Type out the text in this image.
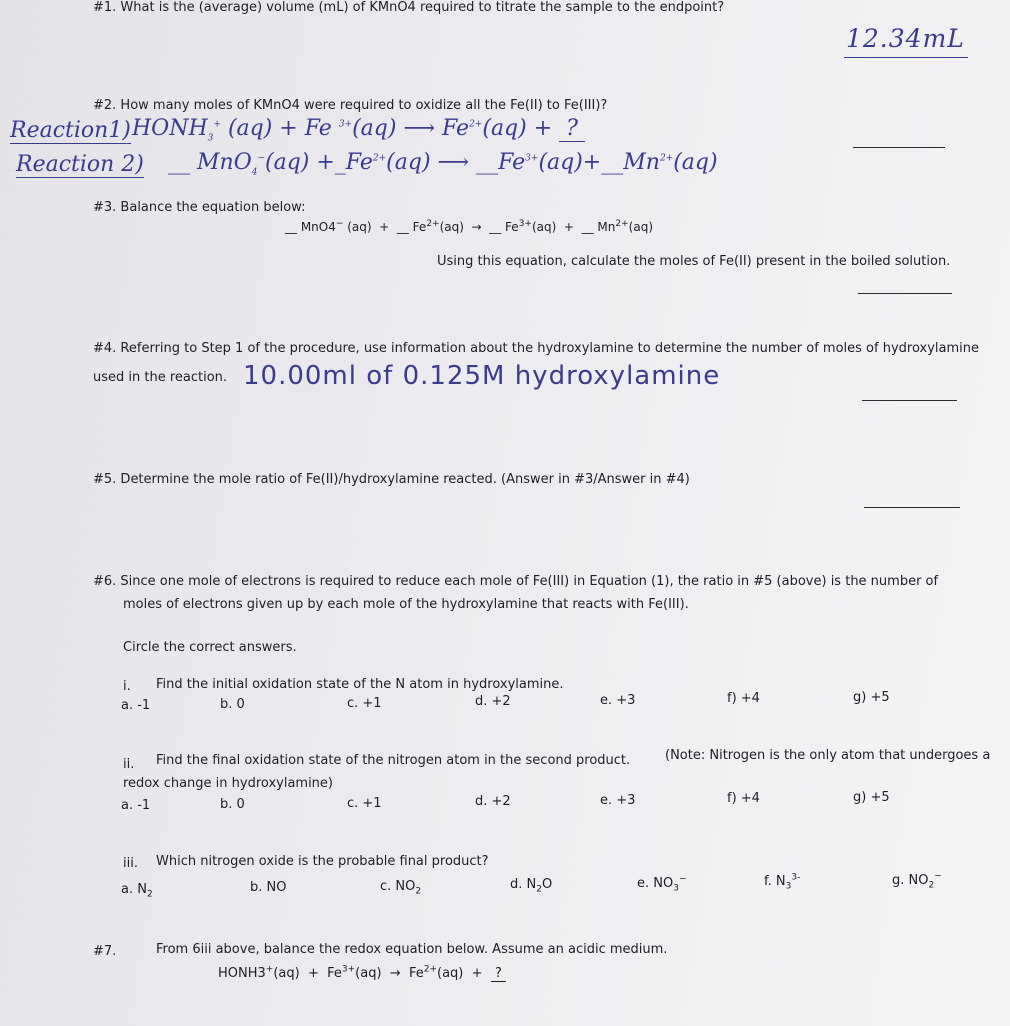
#1. What is the (average) volume (mL) of KMnO4 required to titrate the sample to the endpoint?
12.34mL
#2. How many moles of KMnO4 were required to oxidize all the Fe(II) to Fe(III)?
Reaction1) $HONH_3^+$ (aq) + Fe $^{3+}$(aq) ⟶ $Fe^{2+}(aq)$ +  ?
Reaction 2) __ $MnO_4^-(aq) +\_Fe^{2+}(aq)$ ⟶ $\_\_Fe^{3+}(aq)+\_\_Mn^{2+}(aq)$
#3. Balance the equation below:
__ MnO4− (aq)  +  __ $Fe^{2+}(aq)$  →  __ $Fe^{3+}(aq)$  +  __ $Mn^{2+}(aq)$
Using this equation, calculate the moles of Fe(II) present in the boiled solution.
#4. Referring to Step 1 of the procedure, use information about the hydroxylamine to determine the number of moles of hydroxylamine
used in the reaction. 10.00ml of 0.125M hydroxylamine
#5. Determine the mole ratio of Fe(II)/hydroxylamine reacted. (Answer in #3/Answer in #4)
#6. Since one mole of electrons is required to reduce each mole of Fe(III) in Equation (1), the ratio in #5 (above) is the number of
moles of electrons given up by each mole of the hydroxylamine that reacts with Fe(III).
Circle the correct answers.
i. Find the initial oxidation state of the N atom in hydroxylamine.
a. -1	b. 0	c. +1	d. +2	e. +3	f) +4	g) +5
ii. Find the final oxidation state of the nitrogen atom in the second product.	(Note: Nitrogen is the only atom that undergoes a
redox change in hydroxylamine)
a. -1	b. 0	c. +1	d. +2	e. +3	f) +4	g) +5
iii. Which nitrogen oxide is the probable final product?
a. $N_2$	b. NO	c. $NO_2$	d. $N_2O$	e. $NO_3^-$	f. $N_3^{3-}$	g. $NO_2^-$
#7.	From 6iii above, balance the redox equation below. Assume an acidic medium.
HONH3+(aq)  +  $Fe^{3+}(aq) \to Fe^{2+}(aq)$  +   ?
